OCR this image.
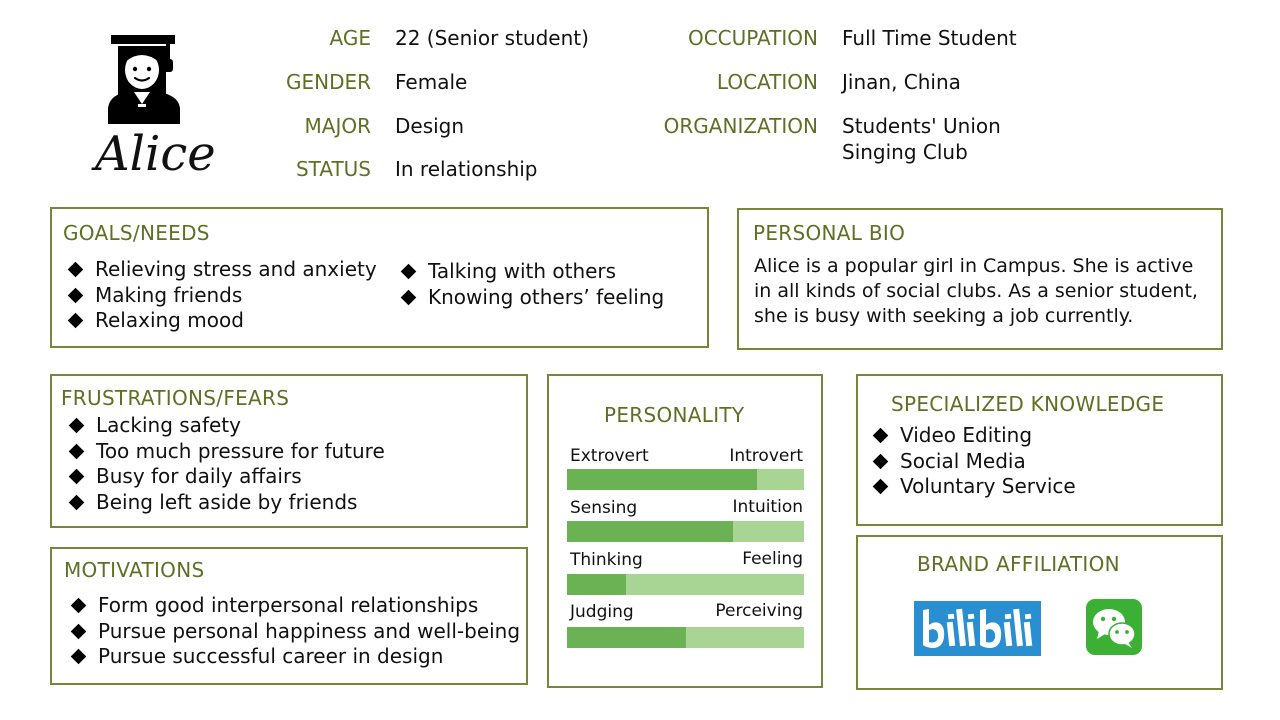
Alice
AGE 22 (Senior student)
GENDER Female
MAJOR Design
STATUS In relationship
OCCUPATION Full Time Student
LOCATION Jinan, China
ORGANIZATION Students' Union
Singing Club
GOALS/NEEDS
Relieving stress and anxiety
Making friends
Relaxing mood
Talking with others
Knowing others’ feeling
PERSONAL BIO
Alice is a popular girl in Campus. She is active
in all kinds of social clubs. As a senior student,
she is busy with seeking a job currently.
FRUSTRATIONS/FEARS
Lacking safety
Too much pressure for future
Busy for daily affairs
Being left aside by friends
MOTIVATIONS
Form good interpersonal relationships
Pursue personal happiness and well-being
Pursue successful career in design
PERSONALITY
Extrovert	Introvert
Sensing	Intuition
Thinking	Feeling
Judging	Perceiving
SPECIALIZED KNOWLEDGE
Video Editing
Social Media
Voluntary Service
BRAND AFFILIATION
